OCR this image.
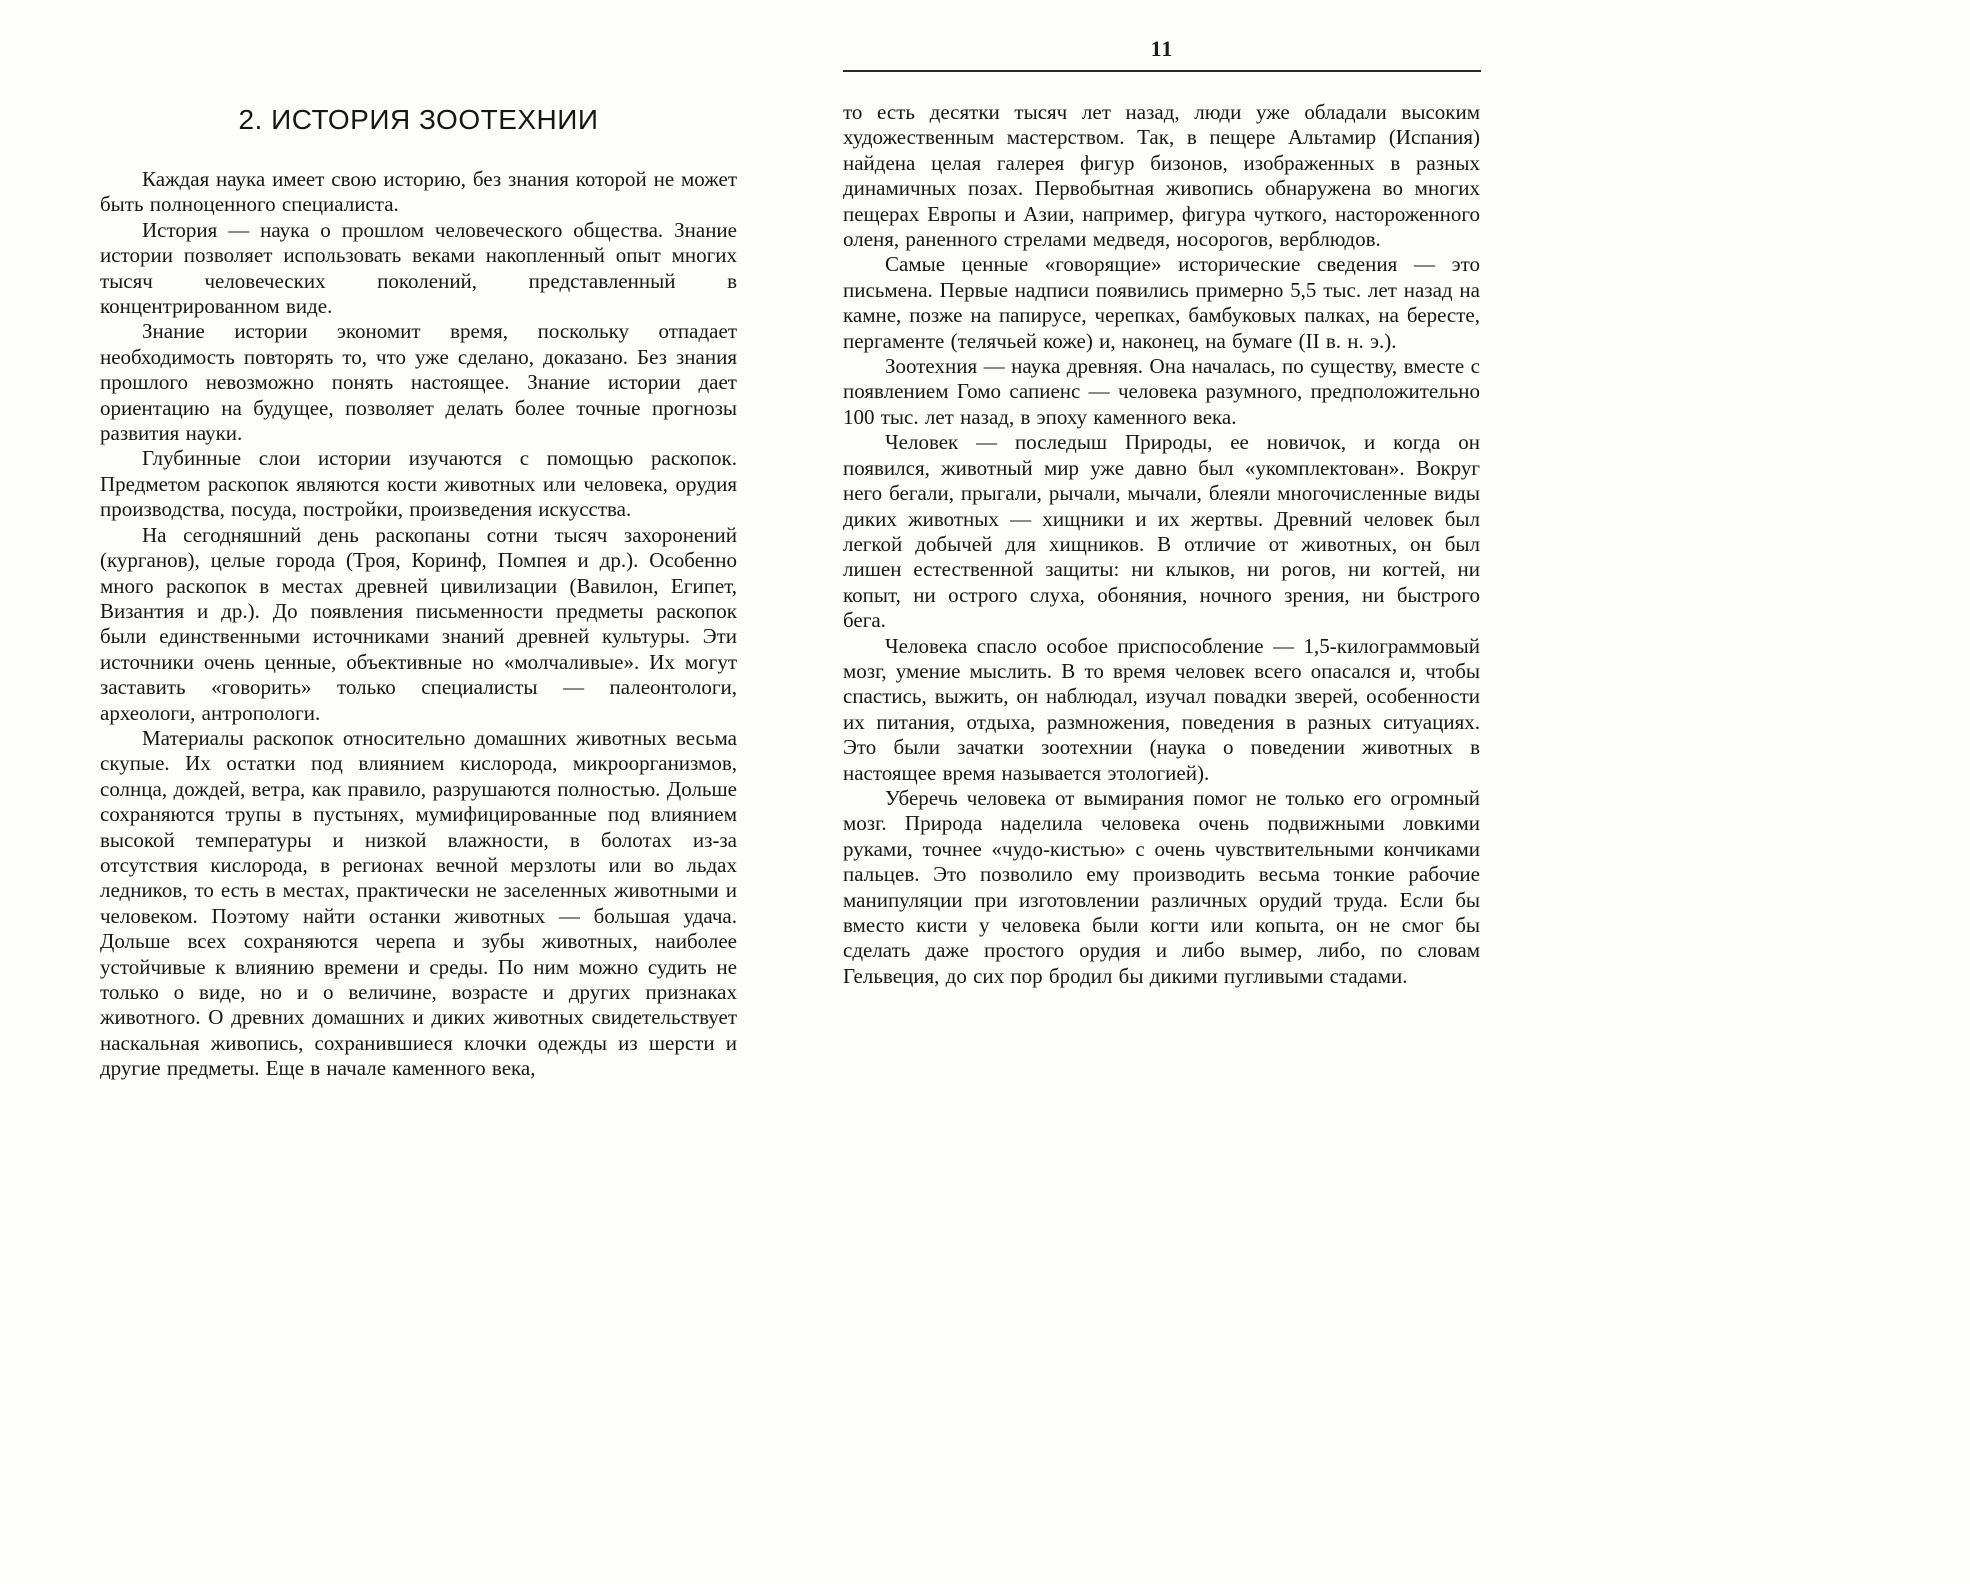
11
2. ИСТОРИЯ ЗООТЕХНИИ

Каждая наука имеет свою историю, без знания которой не может быть полноценного специалиста.

История — наука о прошлом человеческого общества. Знание истории позволяет использовать веками накопленный опыт многих тысяч человеческих поколений, представленный в концентрированном виде.

Знание истории экономит время, поскольку отпадает необходимость повторять то, что уже сделано, доказано. Без знания прошлого невозможно понять настоящее. Знание истории дает ориентацию на будущее, позволяет делать более точные прогнозы развития науки.

Глубинные слои истории изучаются с помощью раскопок. Предметом раскопок являются кости животных или человека, орудия производства, посуда, постройки, произведения искусства.

На сегодняшний день раскопаны сотни тысяч захоронений (курганов), целые города (Троя, Коринф, Помпея и др.). Особенно много раскопок в местах древней цивилизации (Вавилон, Египет, Византия и др.). До появления письменности предметы раскопок были единственными источниками знаний древней культуры. Эти источники очень ценные, объективные но «молчаливые». Их могут заставить «говорить» только специалисты — палеонтологи, археологи, антропологи.

Материалы раскопок относительно домашних животных весьма скупые. Их остатки под влиянием кислорода, микроорганизмов, солнца, дождей, ветра, как правило, разрушаются полностью. Дольше сохраняются трупы в пустынях, мумифицированные под влиянием высокой температуры и низкой влажности, в болотах из-за отсутствия кислорода, в регионах вечной мерзлоты или во льдах ледников, то есть в местах, практически не заселенных животными и человеком. Поэтому найти останки животных — большая удача. Дольше всех сохраняются черепа и зубы животных, наиболее устойчивые к влиянию времени и среды. По ним можно судить не только о виде, но и о величине, возрасте и других признаках животного. О древних домашних и диких животных свидетельствует наскальная живопись, сохранившиеся клочки одежды из шерсти и другие предметы. Еще в начале каменного века,

то есть десятки тысяч лет назад, люди уже обладали высоким художественным мастерством. Так, в пещере Альтамир (Испания) найдена целая галерея фигур бизонов, изображенных в разных динамичных позах. Первобытная живопись обнаружена во многих пещерах Европы и Азии, например, фигура чуткого, настороженного оленя, раненного стрелами медведя, носорогов, верблюдов.

Самые ценные «говорящие» исторические сведения — это письмена. Первые надписи появились примерно 5,5 тыс. лет назад на камне, позже на папирусе, черепках, бамбуковых палках, на бересте, пергаменте (телячьей коже) и, наконец, на бумаге (II в. н. э.).

Зоотехния — наука древняя. Она началась, по существу, вместе с появлением Гомо сапиенс — человека разумного, предположительно 100 тыс. лет назад, в эпоху каменного века.

Человек — последыш Природы, ее новичок, и когда он появился, животный мир уже давно был «укомплектован». Вокруг него бегали, прыгали, рычали, мычали, блеяли многочисленные виды диких животных — хищники и их жертвы. Древний человек был легкой добычей для хищников. В отличие от животных, он был лишен естественной защиты: ни клыков, ни рогов, ни когтей, ни копыт, ни острого слуха, обоняния, ночного зрения, ни быстрого бега.

Человека спасло особое приспособление — 1,5-килограммовый мозг, умение мыслить. В то время человек всего опасался и, чтобы спастись, выжить, он наблюдал, изучал повадки зверей, особенности их питания, отдыха, размножения, поведения в разных ситуациях. Это были зачатки зоотехнии (наука о поведении животных в настоящее время называется этологией).

Уберечь человека от вымирания помог не только его огромный мозг. Природа наделила человека очень подвижными ловкими руками, точнее «чудо-кистью» с очень чувствительными кончиками пальцев. Это позволило ему производить весьма тонкие рабочие манипуляции при изготовлении различных орудий труда. Если бы вместо кисти у человека были когти или копыта, он не смог бы сделать даже простого орудия и либо вымер, либо, по словам Гельвеция, до сих пор бродил бы дикими пугливыми стадами.
